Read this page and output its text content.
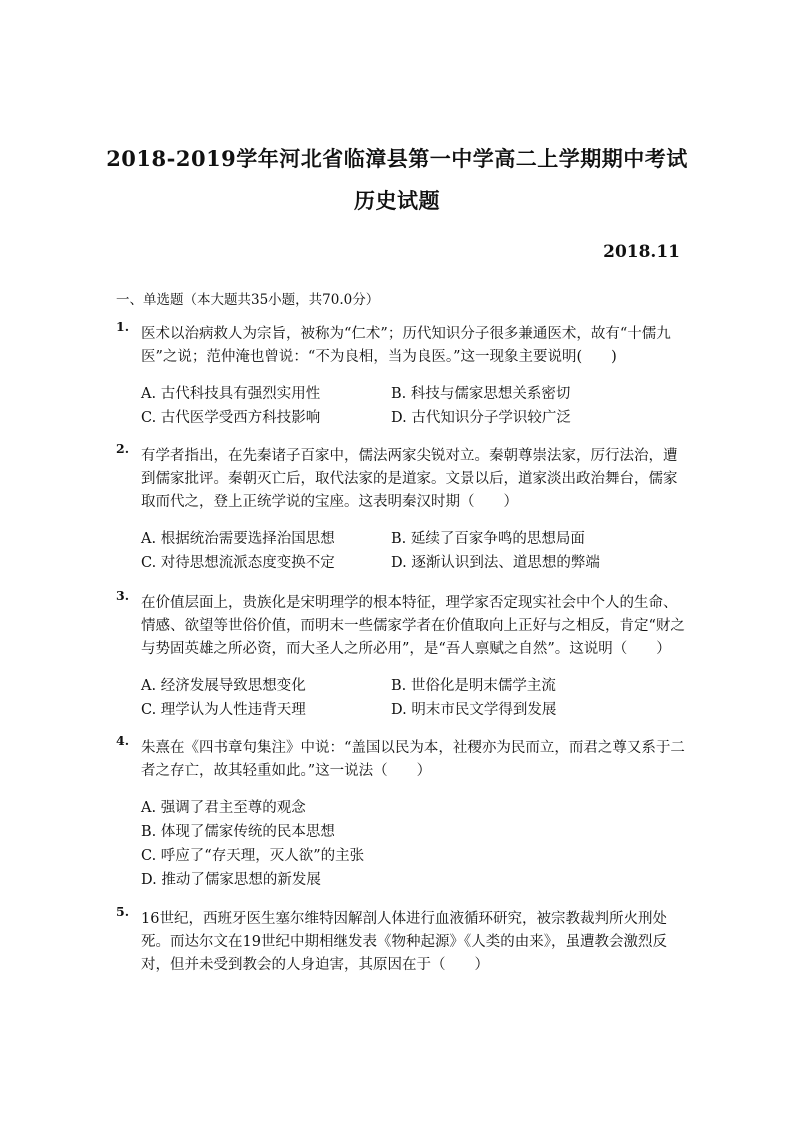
2018-2019学年河北省临漳县第一中学高二上学期期中考试
历史试题
2018.11
一、单选题（本大题共35小题，共70.0分）
1. 医术以治病救人为宗旨，被称为“仁术”；历代知识分子很多兼通医术，故有“十儒九医”之说；范仲淹也曾说：“不为良相，当为良医。”这一现象主要说明(　　)
A. 古代科技具有强烈实用性	B. 科技与儒家思想关系密切
C. 古代医学受西方科技影响	D. 古代知识分子学识较广泛
2. 有学者指出，在先秦诸子百家中，儒法两家尖锐对立。秦朝尊崇法家，厉行法治，遭到儒家批评。秦朝灭亡后，取代法家的是道家。文景以后，道家淡出政治舞台，儒家取而代之，登上正统学说的宝座。这表明秦汉时期（　　）
A. 根据统治需要选择治国思想	B. 延续了百家争鸣的思想局面
C. 对待思想流派态度变换不定	D. 逐渐认识到法、道思想的弊端
3. 在价值层面上，贵族化是宋明理学的根本特征，理学家否定现实社会中个人的生命、情感、欲望等世俗价值，而明末一些儒家学者在价值取向上正好与之相反，肯定“财之与势固英雄之所必资，而大圣人之所必用”，是“吾人禀赋之自然”。这说明（　　）
A. 经济发展导致思想变化	B. 世俗化是明末儒学主流
C. 理学认为人性违背天理	D. 明末市民文学得到发展
4. 朱熹在《四书章句集注》中说：“盖国以民为本，社稷亦为民而立，而君之尊又系于二者之存亡，故其轻重如此。”这一说法（　　）
A. 强调了君主至尊的观念
B. 体现了儒家传统的民本思想
C. 呼应了“存天理，灭人欲”的主张
D. 推动了儒家思想的新发展
5. 16世纪，西班牙医生塞尔维特因解剖人体进行血液循环研究，被宗教裁判所火刑处死。而达尔文在19世纪中期相继发表《物种起源》《人类的由来》，虽遭教会激烈反对，但并未受到教会的人身迫害，其原因在于（　　）
